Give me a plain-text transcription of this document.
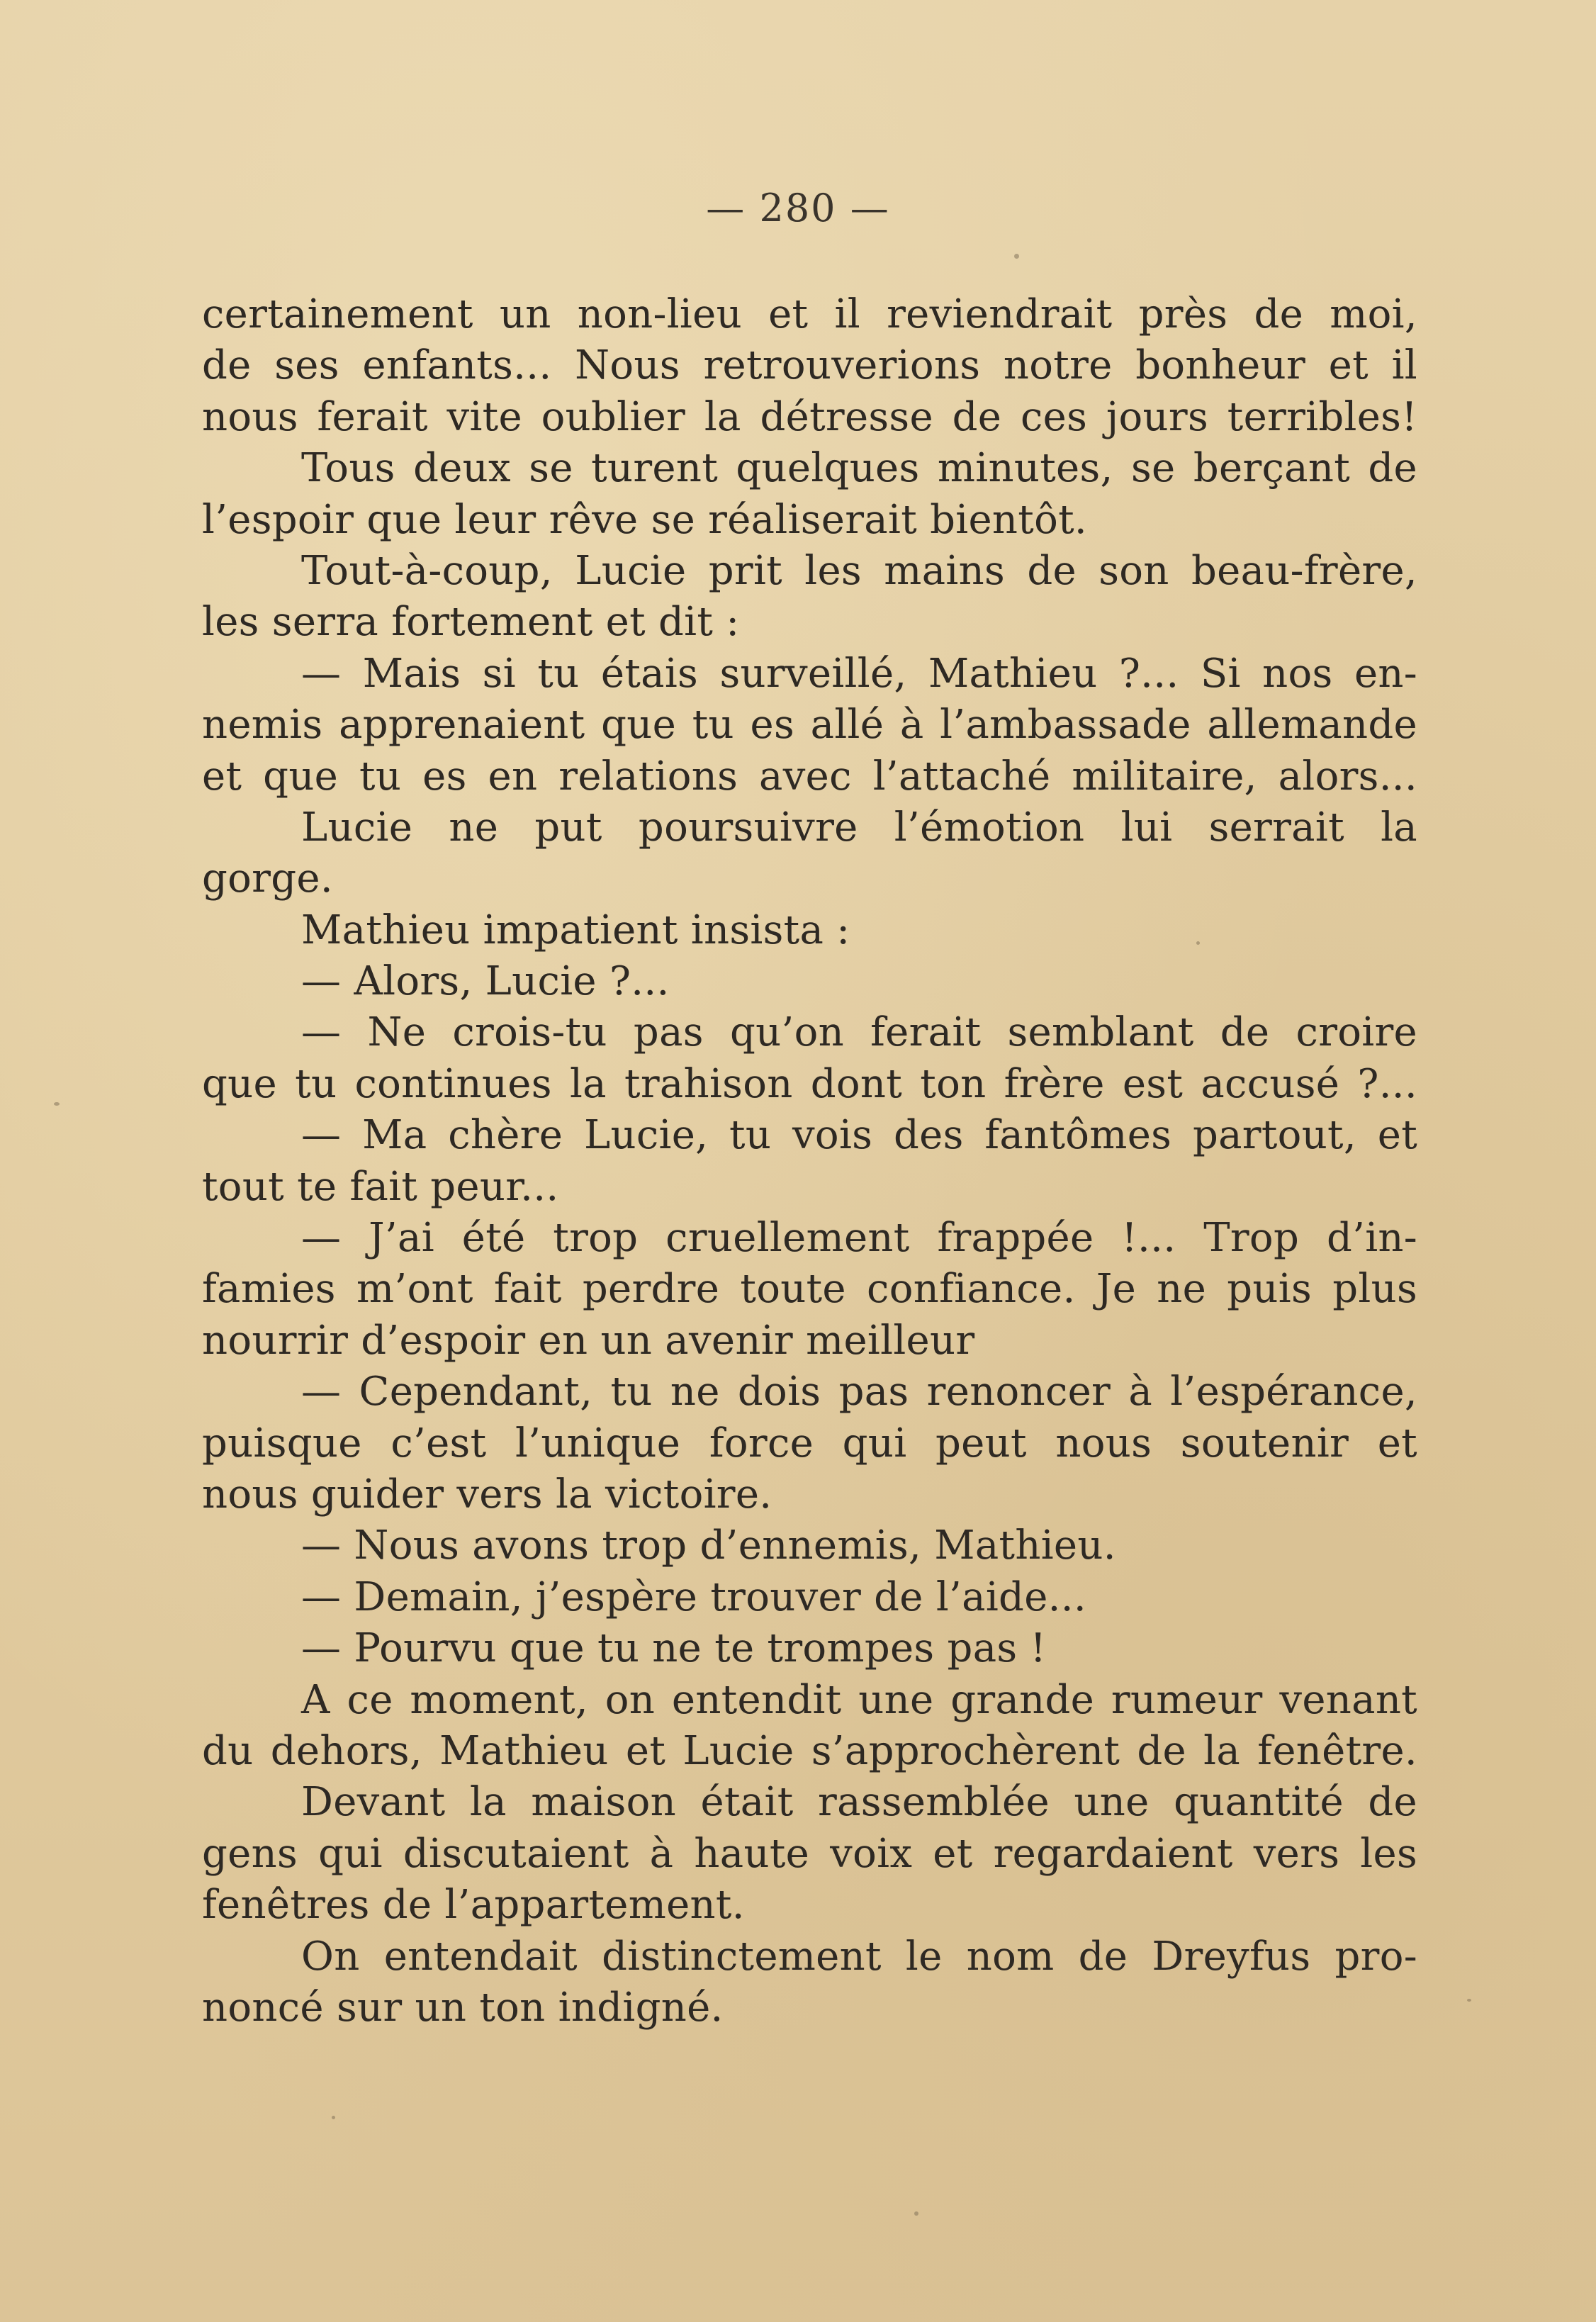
— 280 —
certainement un non-lieu et il reviendrait près de moi,
de ses enfants... Nous retrouverions notre bonheur et il
nous ferait vite oublier la détresse de ces jours terribles!
Tous deux se turent quelques minutes, se berçant de
l’espoir que leur rêve se réaliserait bientôt.
Tout-à-coup, Lucie prit les mains de son beau-frère,
les serra fortement et dit :
— Mais si tu étais surveillé, Mathieu ?... Si nos en-
nemis apprenaient que tu es allé à l’ambassade allemande
et que tu es en relations avec l’attaché militaire, alors...
Lucie ne put poursuivre l’émotion lui serrait la
gorge.
Mathieu impatient insista :
— Alors, Lucie ?...
— Ne crois-tu pas qu’on ferait semblant de croire
que tu continues la trahison dont ton frère est accusé ?...
— Ma chère Lucie, tu vois des fantômes partout, et
tout te fait peur...
— J’ai été trop cruellement frappée !... Trop d’in-
famies m’ont fait perdre toute confiance. Je ne puis plus
nourrir d’espoir en un avenir meilleur
— Cependant, tu ne dois pas renoncer à l’espérance,
puisque c’est l’unique force qui peut nous soutenir et
nous guider vers la victoire.
— Nous avons trop d’ennemis, Mathieu.
— Demain, j’espère trouver de l’aide...
— Pourvu que tu ne te trompes pas !
A ce moment, on entendit une grande rumeur venant
du dehors, Mathieu et Lucie s’approchèrent de la fenêtre.
Devant la maison était rassemblée une quantité de
gens qui discutaient à haute voix et regardaient vers les
fenêtres de l’appartement.
On entendait distinctement le nom de Dreyfus pro-
noncé sur un ton indigné.
